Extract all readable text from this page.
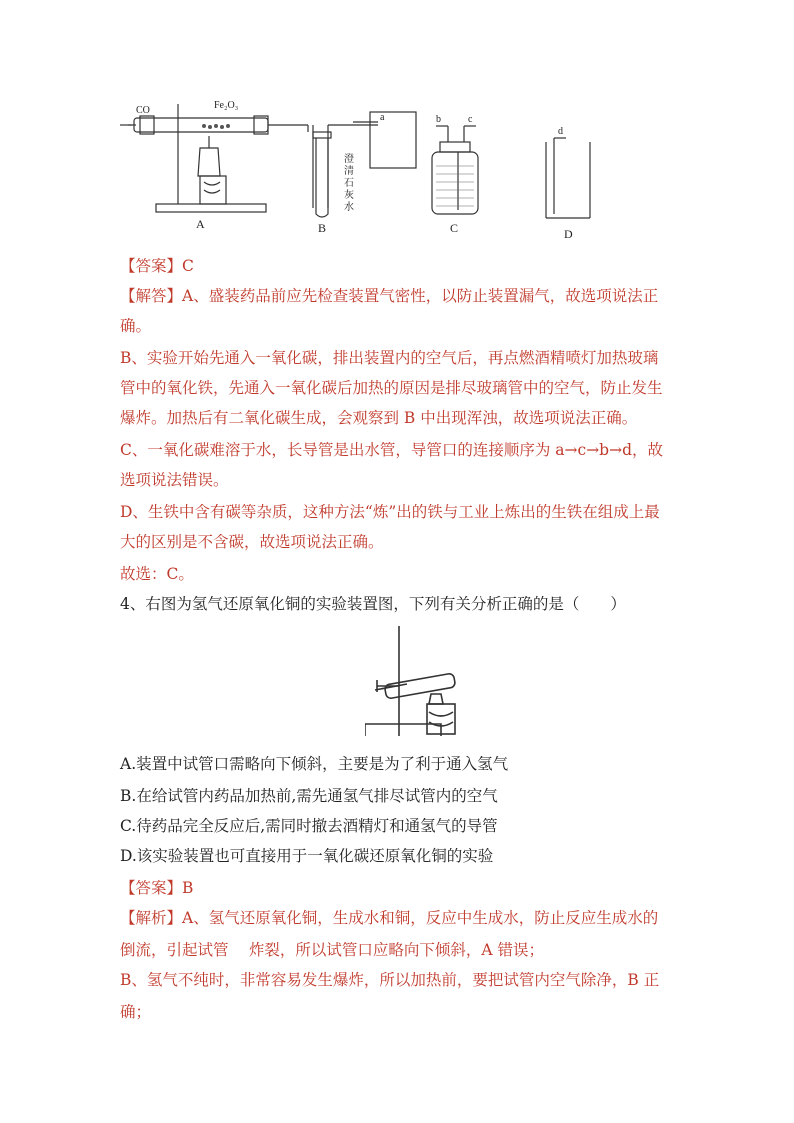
CO	Fe₂O₃
a	b	c
d
澄
清
石
灰
水
A	B	C	D
【答案】C
【解答】A、盛装药品前应先检查装置气密性，以防止装置漏气，故选项说法正
确。
B、实验开始先通入一氧化碳，排出装置内的空气后，再点燃酒精喷灯加热玻璃
管中的氧化铁，先通入一氧化碳后加热的原因是排尽玻璃管中的空气，防止发生
爆炸。加热后有二氧化碳生成，会观察到 B 中出现浑浊，故选项说法正确。
C、一氧化碳难溶于水，长导管是出水管，导管口的连接顺序为 a→c→b→d，故
选项说法错误。
D、生铁中含有碳等杂质，这种方法“炼”出的铁与工业上炼出的生铁在组成上最
大的区别是不含碳，故选项说法正确。
故选：C。
4、右图为氢气还原氧化铜的实验装置图，下列有关分析正确的是（　　）
A.装置中试管口需略向下倾斜，主要是为了利于通入氢气
B.在给试管内药品加热前,需先通氢气排尽试管内的空气
C.待药品完全反应后,需同时撤去酒精灯和通氢气的导管
D.该实验装置也可直接用于一氧化碳还原氧化铜的实验
【答案】B
【解析】A、氢气还原氧化铜，生成水和铜，反应中生成水，防止反应生成水的
倒流，引起试管　 炸裂，所以试管口应略向下倾斜，A 错误；
B、氢气不纯时，非常容易发生爆炸，所以加热前，要把试管内空气除净，B 正
确；
